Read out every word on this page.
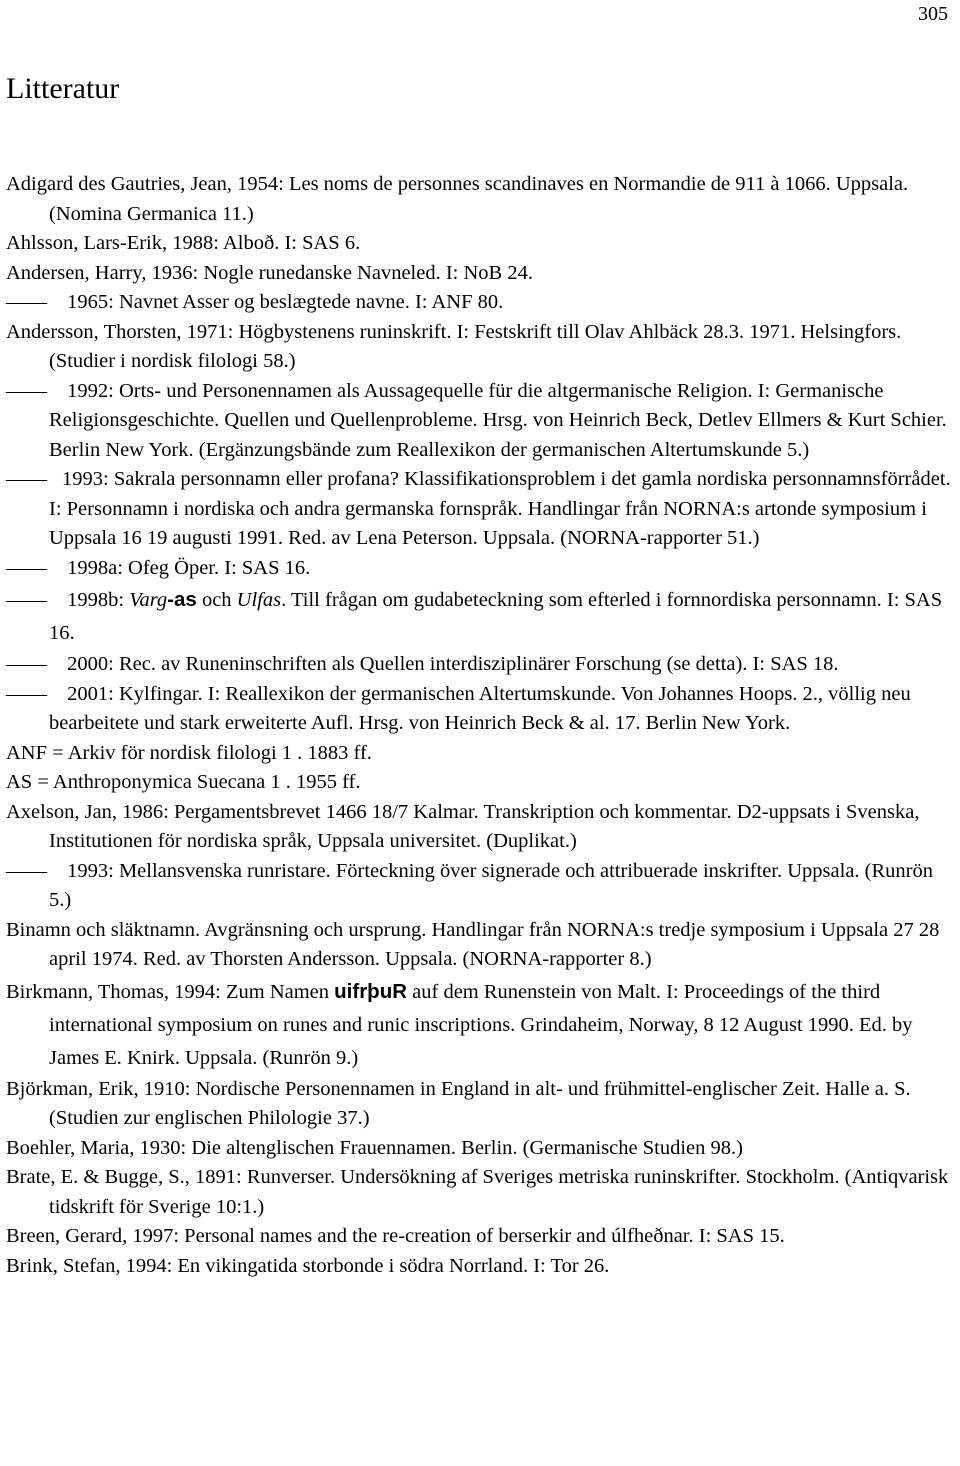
305
Litteratur
Adigard des Gautries, Jean, 1954: Les noms de personnes scandinaves en Normandie de 911 à 1066. Uppsala. (Nomina Germanica 11.)
Ahlsson, Lars-Erik, 1988: Alboð. I: SAS 6.
Andersen, Harry, 1936: Nogle runedanske Navneled. I: NoB 24.
—— 1965: Navnet Asser og beslægtede navne. I: ANF 80.
Andersson, Thorsten, 1971: Högbystenens runinskrift. I: Festskrift till Olav Ahlbäck 28.3. 1971. Helsingfors. (Studier i nordisk filologi 58.)
—— 1992: Orts- und Personennamen als Aussagequelle für die altgermanische Religion. I: Germanische Religionsgeschichte. Quellen und Quellenprobleme. Hrsg. von Heinrich Beck, Detlev Ellmers & Kurt Schier. Berlin New York. (Ergänzungsbände zum Reallexikon der germanischen Altertumskunde 5.)
—— 1993: Sakrala personnamn eller profana? Klassifikationsproblem i det gamla nordiska personnamnsförrådet. I: Personnamn i nordiska och andra germanska fornspråk. Handlingar från NORNA:s artonde symposium i Uppsala 16 19 augusti 1991. Red. av Lena Peterson. Uppsala. (NORNA-rapporter 51.)
—— 1998a: Ofeg Öper. I: SAS 16.
—— 1998b: Varg-as och Ulfas. Till frågan om gudabeteckning som efterled i fornnordiska personnamn. I: SAS 16.
—— 2000: Rec. av Runeninschriften als Quellen interdisziplinärer Forschung (se detta). I: SAS 18.
—— 2001: Kylfingar. I: Reallexikon der germanischen Altertumskunde. Von Johannes Hoops. 2., völlig neu bearbeitete und stark erweiterte Aufl. Hrsg. von Heinrich Beck & al. 17. Berlin New York.
ANF = Arkiv för nordisk filologi 1 . 1883 ff.
AS = Anthroponymica Suecana 1 . 1955 ff.
Axelson, Jan, 1986: Pergamentsbrevet 1466 18/7 Kalmar. Transkription och kommentar. D2-uppsats i Svenska, Institutionen för nordiska språk, Uppsala universitet. (Duplikat.)
—— 1993: Mellansvenska runristare. Förteckning över signerade och attribuerade inskrifter. Uppsala. (Runrön 5.)
Binamn och släktnamn. Avgränsning och ursprung. Handlingar från NORNA:s tredje symposium i Uppsala 27 28 april 1974. Red. av Thorsten Andersson. Uppsala. (NORNA-rapporter 8.)
Birkmann, Thomas, 1994: Zum Namen uifrþuR auf dem Runenstein von Malt. I: Proceedings of the third international symposium on runes and runic inscriptions. Grindaheim, Norway, 8 12 August 1990. Ed. by James E. Knirk. Uppsala. (Runrön 9.)
Björkman, Erik, 1910: Nordische Personennamen in England in alt- und frühmittel-englischer Zeit. Halle a. S. (Studien zur englischen Philologie 37.)
Boehler, Maria, 1930: Die altenglischen Frauennamen. Berlin. (Germanische Studien 98.)
Brate, E. & Bugge, S., 1891: Runverser. Undersökning af Sveriges metriska runinskrifter. Stockholm. (Antiqvarisk tidskrift för Sverige 10:1.)
Breen, Gerard, 1997: Personal names and the re-creation of berserkir and úlfheðnar. I: SAS 15.
Brink, Stefan, 1994: En vikingatida storbonde i södra Norrland. I: Tor 26.
